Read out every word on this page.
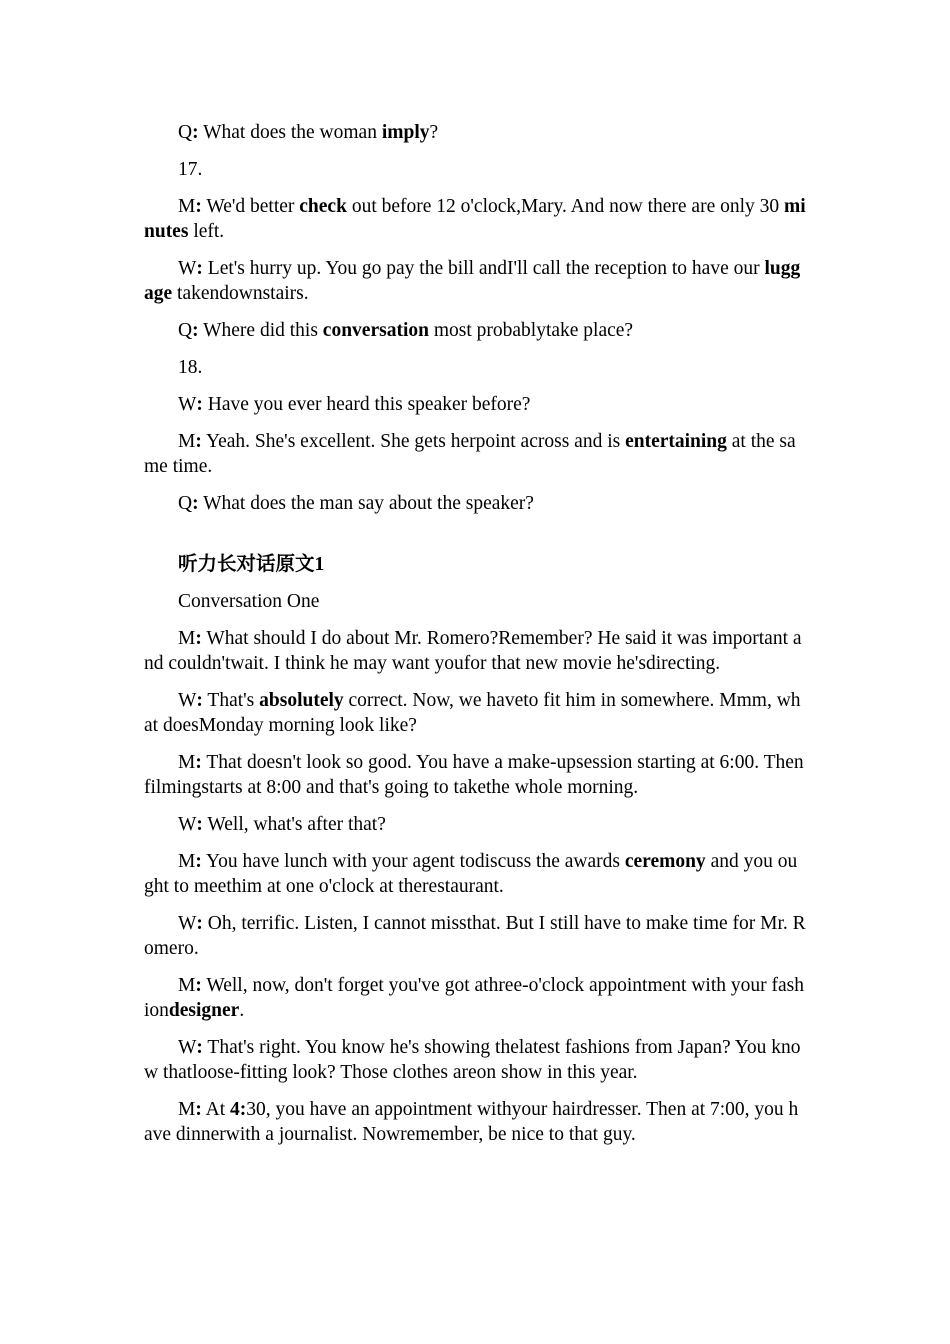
Q: What does the woman imply?

17.

M: We'd better check out before 12 o'clock,Mary. And now there are only 30 minutes left.

W: Let's hurry up. You go pay the bill andI'll call the reception to have our luggage takendownstairs.

Q: Where did this conversation most probablytake place?

18.

W: Have you ever heard this speaker before?

M: Yeah. She's excellent. She gets herpoint across and is entertaining at the same time.

Q: What does the man say about the speaker?

听力长对话原文1

Conversation One

M: What should I do about Mr. Romero?Remember? He said it was important and couldn'twait. I think he may want youfor that new movie he'sdirecting.

W: That's absolutely correct. Now, we haveto fit him in somewhere. Mmm, what doesMonday morning look like?

M: That doesn't look so good. You have a make-upsession starting at 6:00. Then filmingstarts at 8:00 and that's going to takethe whole morning.

W: Well, what's after that?

M: You have lunch with your agent todiscuss the awards ceremony and you ought to meethim at one o'clock at therestaurant.

W: Oh, terrific. Listen, I cannot missthat. But I still have to make time for Mr. Romero.

M: Well, now, don't forget you've got athree-o'clock appointment with your fashiondesigner.

W: That's right. You know he's showing thelatest fashions from Japan? You know thatloose-fitting look? Those clothes areon show in this year.

M: At 4:30, you have an appointment withyour hairdresser. Then at 7:00, you have dinnerwith a journalist. Nowremember, be nice to that guy.
